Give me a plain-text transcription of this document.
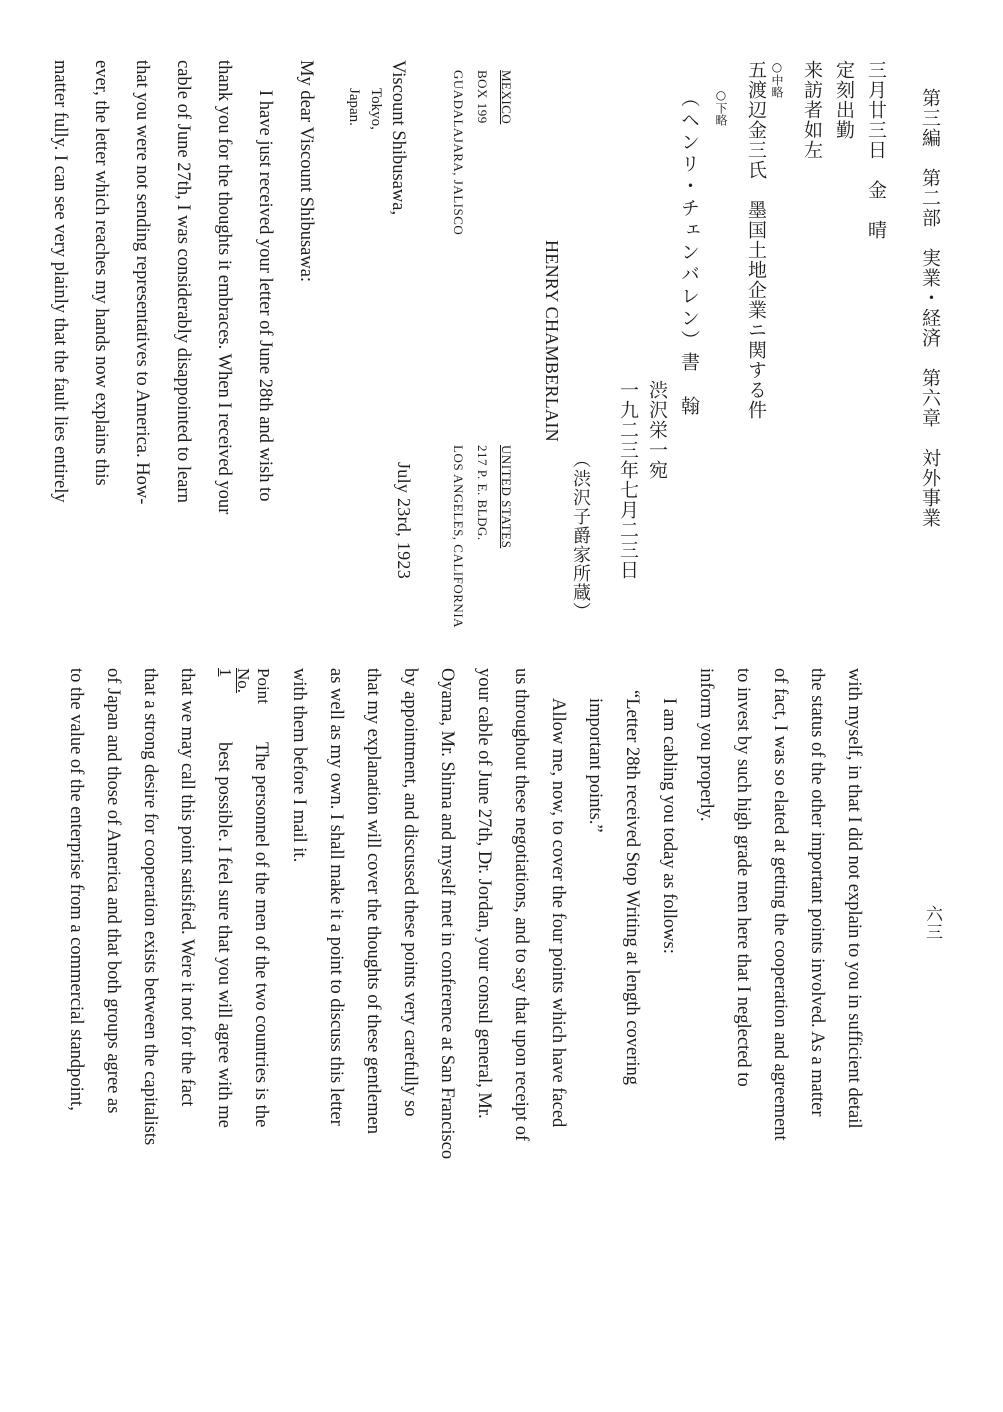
六三
第三編　第二部　実業・経済　第六章　対外事業
三月廿三日　金　晴
定刻出勤
来訪者如左
○中略
五渡辺金三氏　墨国土地企業ニ関する件
○下略
渋沢栄一宛
一九二三年七月二三日
（ヘンリ・チェンバレン）書　翰
（渋沢子爵家所蔵）
HENRY CHAMBERLAIN
MEXICO
BOX 199
GUADALAJARA, JALISCO
UNITED STATES
217 P. E. BLDG.
LOS ANGELES, CALIFORNIA
July 23rd, 1923
Viscount Shibusawa,
Tokyo,
Japan.
My dear Viscount Shibusawa:
I have just received your letter of June 28th and wish to
thank you for the thoughts it embraces. When I received your
cable of June 27th, I was considerably disappointed to learn
that you were not sending representatives to America. How-
ever, the letter which reaches my hands now explains this
matter fully. I can see very plainly that the fault lies entirely
with myself, in that I did not explain to you in sufficient detail
the status of the other important points involved. As a matter
of fact, I was so elated at getting the cooperation and agreement
to invest by such high grade men here that I neglected to
inform you properly.
I am cabling you today as follows:
“Letter 28th received Stop Writing at length covering
important points.”
Allow me, now, to cover the four points which have faced
us throughout these negotiations, and to say that upon receipt of
your cable of June 27th, Dr. Jordan, your consul general, Mr.
Oyama, Mr. Shima and myself met in conference at San Francisco
by appointment, and discussed these points very carefully so
that my explanation will cover the thoughts of these gentlemen
as well as my own. I shall make it a point to discuss this letter
with them before I mail it.
Point
No. 1
The personnel of the men of the two countries is the
best possible. I feel sure that you will agree with me
that we may call this point satisfied. Were it not for the fact
that a strong desire for cooperation exists between the capitalists
of Japan and those of America and that both groups agree as
to the value of the enterprise from a commercial standpoint,
